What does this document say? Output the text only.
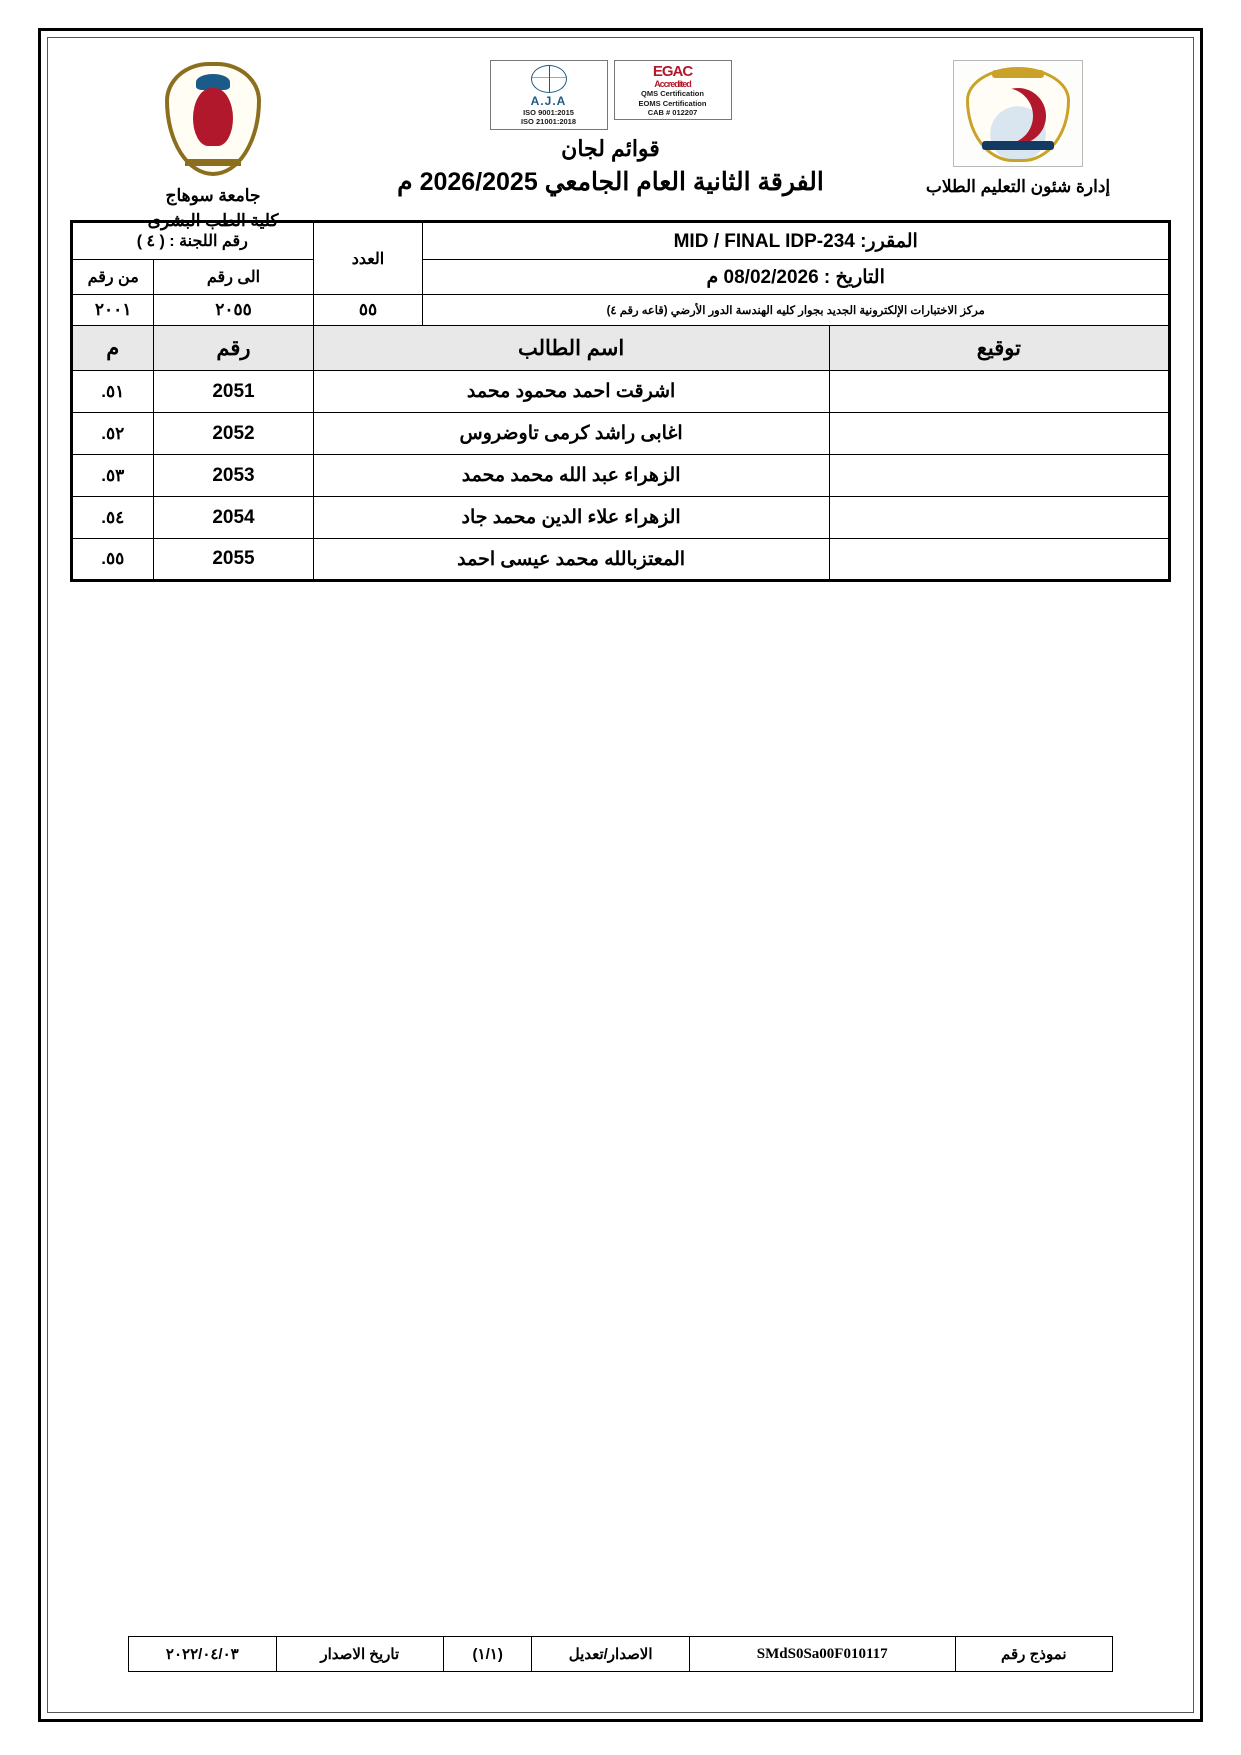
جامعة سوهاج
كلية الطب البشرى
EGAC
Accredited
QMS Certification
EOMS Certification
CAB # 012207
A.J.A
ISO 9001:2015
ISO 21001:2018
قوائم لجان
الفرقة الثانية العام الجامعي 2026/2025 م	إدارة شئون التعليم الطلاب
المقرر: MID / FINAL IDP-234		العدد	رقم اللجنة : ( ٤ )	
التاريخ : 08/02/2026 م			الى رقم	من رقم
مركز الاختبارات الإلكترونية الجديد بجوار كليه الهندسة الدور الأرضي (قاعه رقم ٤)		٥٥	٢٠٥٥	٢٠٠١
توقيع	اسم الطالب		رقم	م
	اشرقت احمد محمود محمد		2051	٥١.
	اغابى راشد كرمى تاوضروس		2052	٥٢.
	الزهراء عبد الله محمد محمد		2053	٥٣.
	الزهراء علاء الدين محمد جاد		2054	٥٤.
	المعتزبالله محمد عيسى احمد		2055	٥٥.
نموذج رقم	SMdS0Sa00F010117	الاصدار/تعديل	(١/١)	تاريخ الاصدار	٢٠٢٢/٠٤/٠٣
